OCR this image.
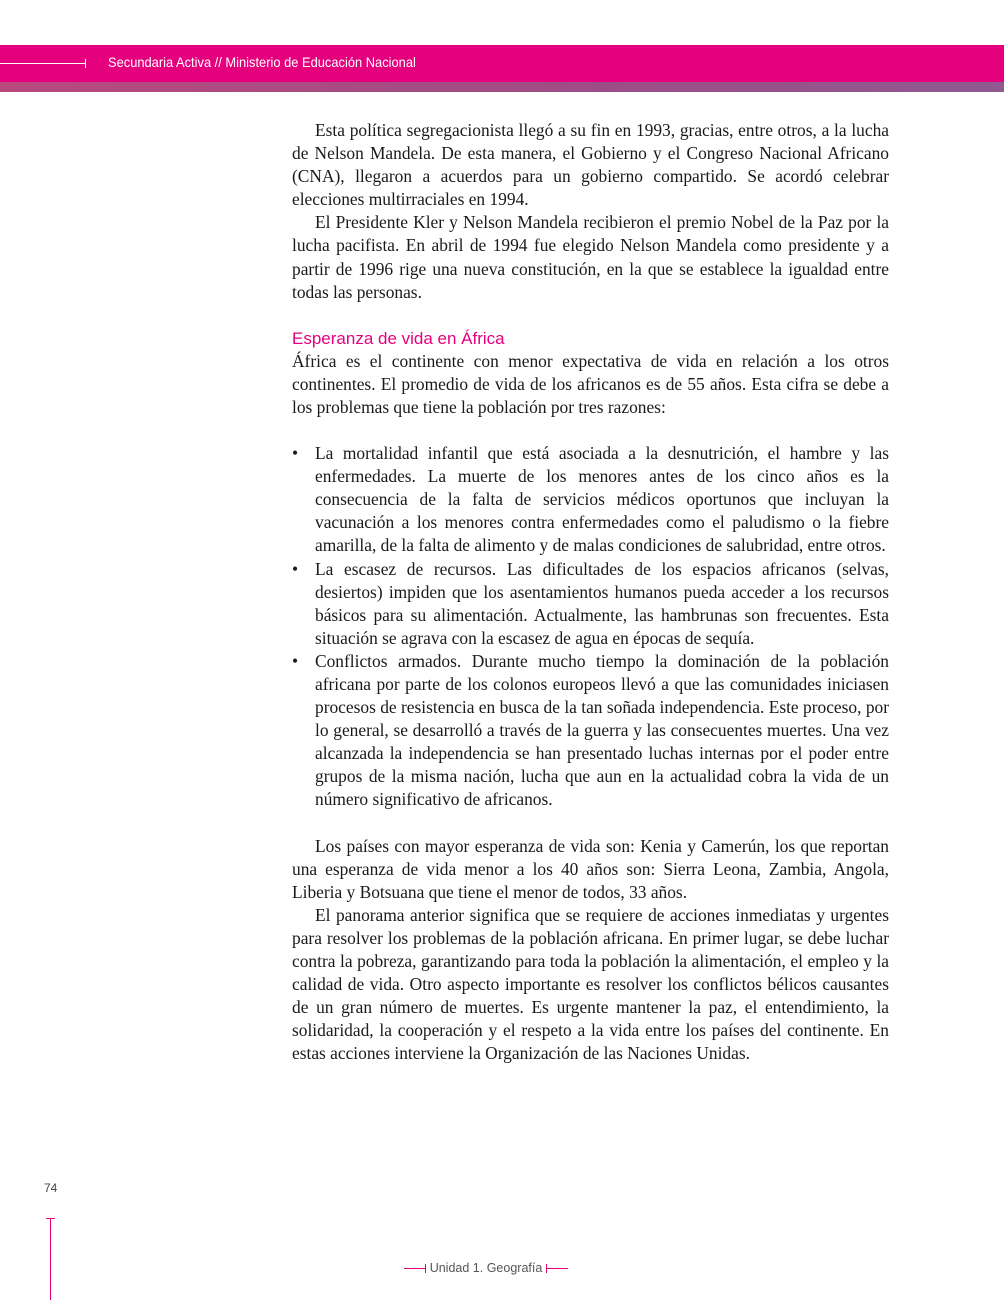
Secundaria Activa // Ministerio de Educación Nacional

Esta política segregacionista llegó a su fin en 1993, gracias, entre otros, a la lucha de Nelson Mandela. De esta manera, el Gobierno y el Congreso Nacional Africano (CNA), llegaron a acuerdos para un gobierno compartido. Se acordó celebrar elecciones multirraciales en 1994.

El Presidente Kler y Nelson Mandela recibieron el premio Nobel de la Paz por la lucha pacifista. En abril de 1994 fue elegido Nelson Mandela como presidente y a partir de 1996 rige una nueva constitución, en la que se establece la igualdad entre todas las personas.

Esperanza de vida en África

África es el continente con menor expectativa de vida en relación a los otros continentes. El promedio de vida de los africanos es de 55 años. Esta cifra se debe a los problemas que tiene la población por tres razones:

• La mortalidad infantil que está asociada a la desnutrición, el hambre y las enfermedades. La muerte de los menores antes de los cinco años es la consecuencia de la falta de servicios médicos oportunos que incluyan la vacunación a los menores contra enfermedades como el paludismo o la fiebre amarilla, de la falta de alimento y de malas condiciones de salubridad, entre otros.
• La escasez de recursos. Las dificultades de los espacios africanos (selvas, desiertos) impiden que los asentamientos humanos pueda acceder a los recursos básicos para su alimentación. Actualmente, las hambrunas son frecuentes. Esta situación se agrava con la escasez de agua en épocas de sequía.
• Conflictos armados. Durante mucho tiempo la dominación de la población africana por parte de los colonos europeos llevó a que las comunidades iniciasen procesos de resistencia en busca de la tan soñada independencia. Este proceso, por lo general, se desarrolló a través de la guerra y las consecuentes muertes. Una vez alcanzada la independencia se han presentado luchas internas por el poder entre grupos de la misma nación, lucha que aun en la actualidad cobra la vida de un número significativo de africanos.

Los países con mayor esperanza de vida son: Kenia y Camerún, los que reportan una esperanza de vida menor a los 40 años son: Sierra Leona, Zambia, Angola, Liberia y Botsuana que tiene el menor de todos, 33 años.

El panorama anterior significa que se requiere de acciones inmediatas y urgentes para resolver los problemas de la población africana. En primer lugar, se debe luchar contra la pobreza, garantizando para toda la población la alimentación, el empleo y la calidad de vida. Otro aspecto importante es resolver los conflictos bélicos causantes de un gran número de muertes. Es urgente mantener la paz, el entendimiento, la solidaridad, la cooperación y el respeto a la vida entre los países del continente. En estas acciones interviene la Organización de las Naciones Unidas.

74
Unidad 1. Geografía
